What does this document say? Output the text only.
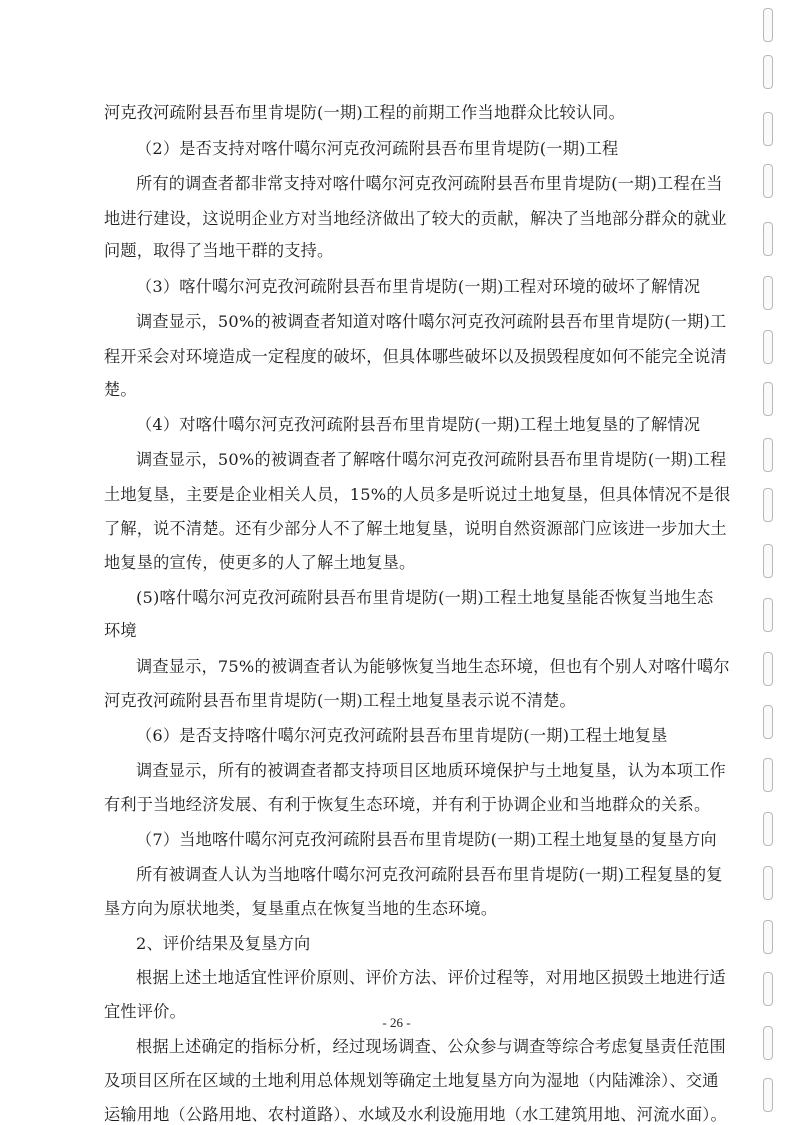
河克孜河疏附县吾布里肯堤防(一期)工程的前期工作当地群众比较认同。
（2）是否支持对喀什噶尔河克孜河疏附县吾布里肯堤防(一期)工程
所有的调查者都非常支持对喀什噶尔河克孜河疏附县吾布里肯堤防(一期)工程在当
地进行建设，这说明企业方对当地经济做出了较大的贡献，解决了当地部分群众的就业
问题，取得了当地干群的支持。
（3）喀什噶尔河克孜河疏附县吾布里肯堤防(一期)工程对环境的破坏了解情况
调查显示，50%的被调查者知道对喀什噶尔河克孜河疏附县吾布里肯堤防(一期)工
程开采会对环境造成一定程度的破坏，但具体哪些破坏以及损毁程度如何不能完全说清
楚。
（4）对喀什噶尔河克孜河疏附县吾布里肯堤防(一期)工程土地复垦的了解情况
调查显示，50%的被调查者了解喀什噶尔河克孜河疏附县吾布里肯堤防(一期)工程
土地复垦，主要是企业相关人员，15%的人员多是听说过土地复垦，但具体情况不是很
了解，说不清楚。还有少部分人不了解土地复垦，说明自然资源部门应该进一步加大土
地复垦的宣传，使更多的人了解土地复垦。
(5)喀什噶尔河克孜河疏附县吾布里肯堤防(一期)工程土地复垦能否恢复当地生态
环境
调查显示，75%的被调查者认为能够恢复当地生态环境，但也有个别人对喀什噶尔
河克孜河疏附县吾布里肯堤防(一期)工程土地复垦表示说不清楚。
（6）是否支持喀什噶尔河克孜河疏附县吾布里肯堤防(一期)工程土地复垦
调查显示，所有的被调查者都支持项目区地质环境保护与土地复垦，认为本项工作
有利于当地经济发展、有利于恢复生态环境，并有利于协调企业和当地群众的关系。
（7）当地喀什噶尔河克孜河疏附县吾布里肯堤防(一期)工程土地复垦的复垦方向
所有被调查人认为当地喀什噶尔河克孜河疏附县吾布里肯堤防(一期)工程复垦的复
垦方向为原状地类，复垦重点在恢复当地的生态环境。
2、评价结果及复垦方向
根据上述土地适宜性评价原则、评价方法、评价过程等，对用地区损毁土地进行适
宜性评价。
根据上述确定的指标分析，经过现场调查、公众参与调查等综合考虑复垦责任范围
及项目区所在区域的土地利用总体规划等确定土地复垦方向为湿地（内陆滩涂）、交通
运输用地（公路用地、农村道路）、水域及水利设施用地（水工建筑用地、河流水面）。
- 26 -
